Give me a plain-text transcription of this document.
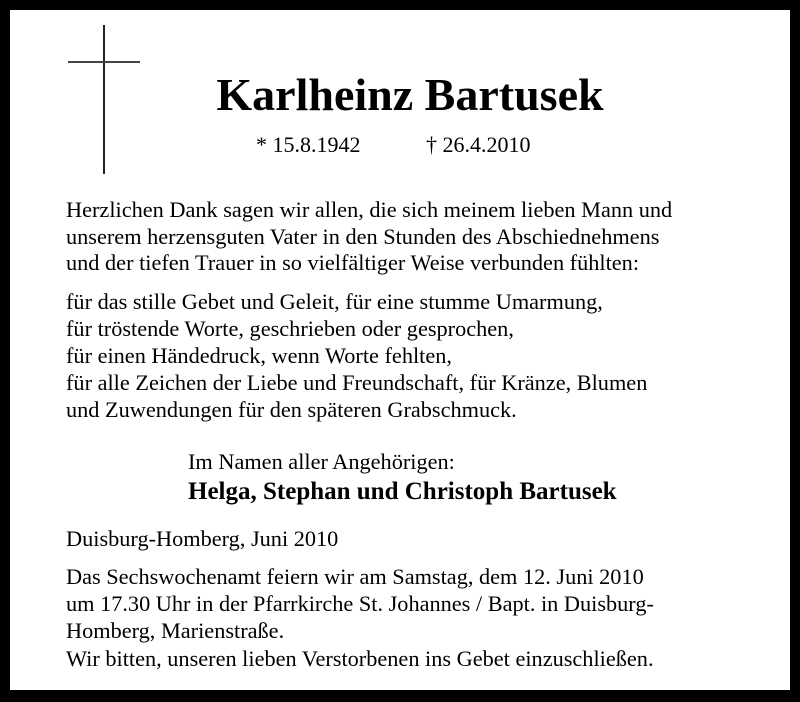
Karlheinz Bartusek
* 15.8.1942	† 26.4.2010
Herzlichen Dank sagen wir allen, die sich meinem lieben Mann und
unserem herzensguten Vater in den Stunden des Abschiednehmens
und der tiefen Trauer in so vielfältiger Weise verbunden fühlten:
für das stille Gebet und Geleit, für eine stumme Umarmung,
für tröstende Worte, geschrieben oder gesprochen,
für einen Händedruck, wenn Worte fehlten,
für alle Zeichen der Liebe und Freundschaft, für Kränze, Blumen
und Zuwendungen für den späteren Grabschmuck.
Im Namen aller Angehörigen:
Helga, Stephan und Christoph Bartusek
Duisburg-Homberg, Juni 2010
Das Sechswochenamt feiern wir am Samstag, dem 12. Juni 2010
um 17.30 Uhr in der Pfarrkirche St. Johannes / Bapt. in Duisburg-
Homberg, Marienstraße.
Wir bitten, unseren lieben Verstorbenen ins Gebet einzuschließen.
